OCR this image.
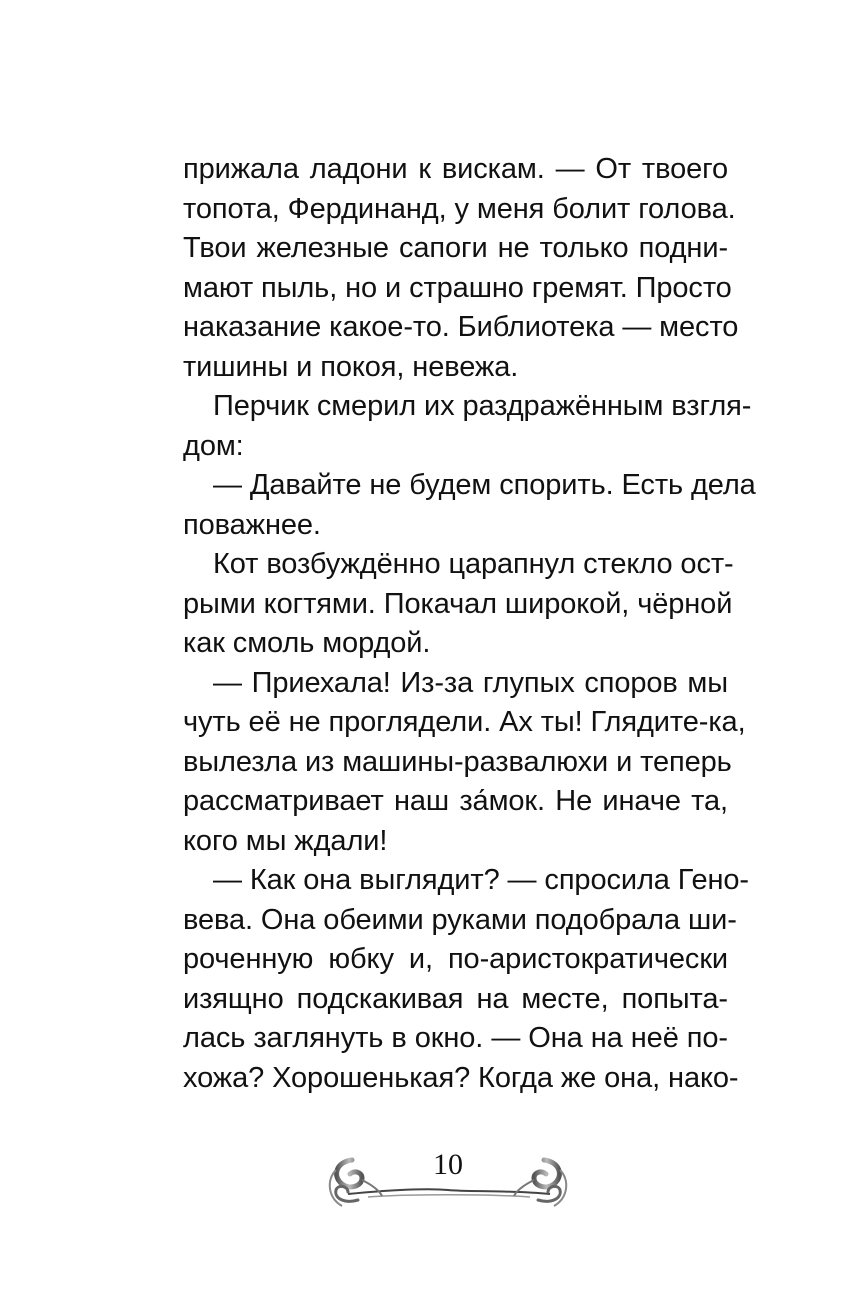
прижала ладони к вискам. — От твоего
топота, Фердинанд, у меня болит голова.
Твои железные сапоги не только подни-
мают пыль, но и страшно гремят. Просто
наказание какое-то. Библиотека — место
тишины и покоя, невежа.
Перчик смерил их раздражённым взгля-
дом:
— Давайте не будем спорить. Есть дела
поважнее.
Кот возбуждённо царапнул стекло ост-
рыми когтями. Покачал широкой, чёрной
как смоль мордой.
— Приехала! Из-за глупых споров мы
чуть её не проглядели. Ах ты! Глядите-ка,
вылезла из машины-развалюхи и теперь
рассматривает наш за́мок. Не иначе та,
кого мы ждали!
— Как она выглядит? — спросила Гено-
вева. Она обеими руками подобрала ши-
роченную юбку и, по-аристократически
изящно подскакивая на месте, попыта-
лась заглянуть в окно. — Она на неё по-
хожа? Хорошенькая? Когда же она, нако-
10
